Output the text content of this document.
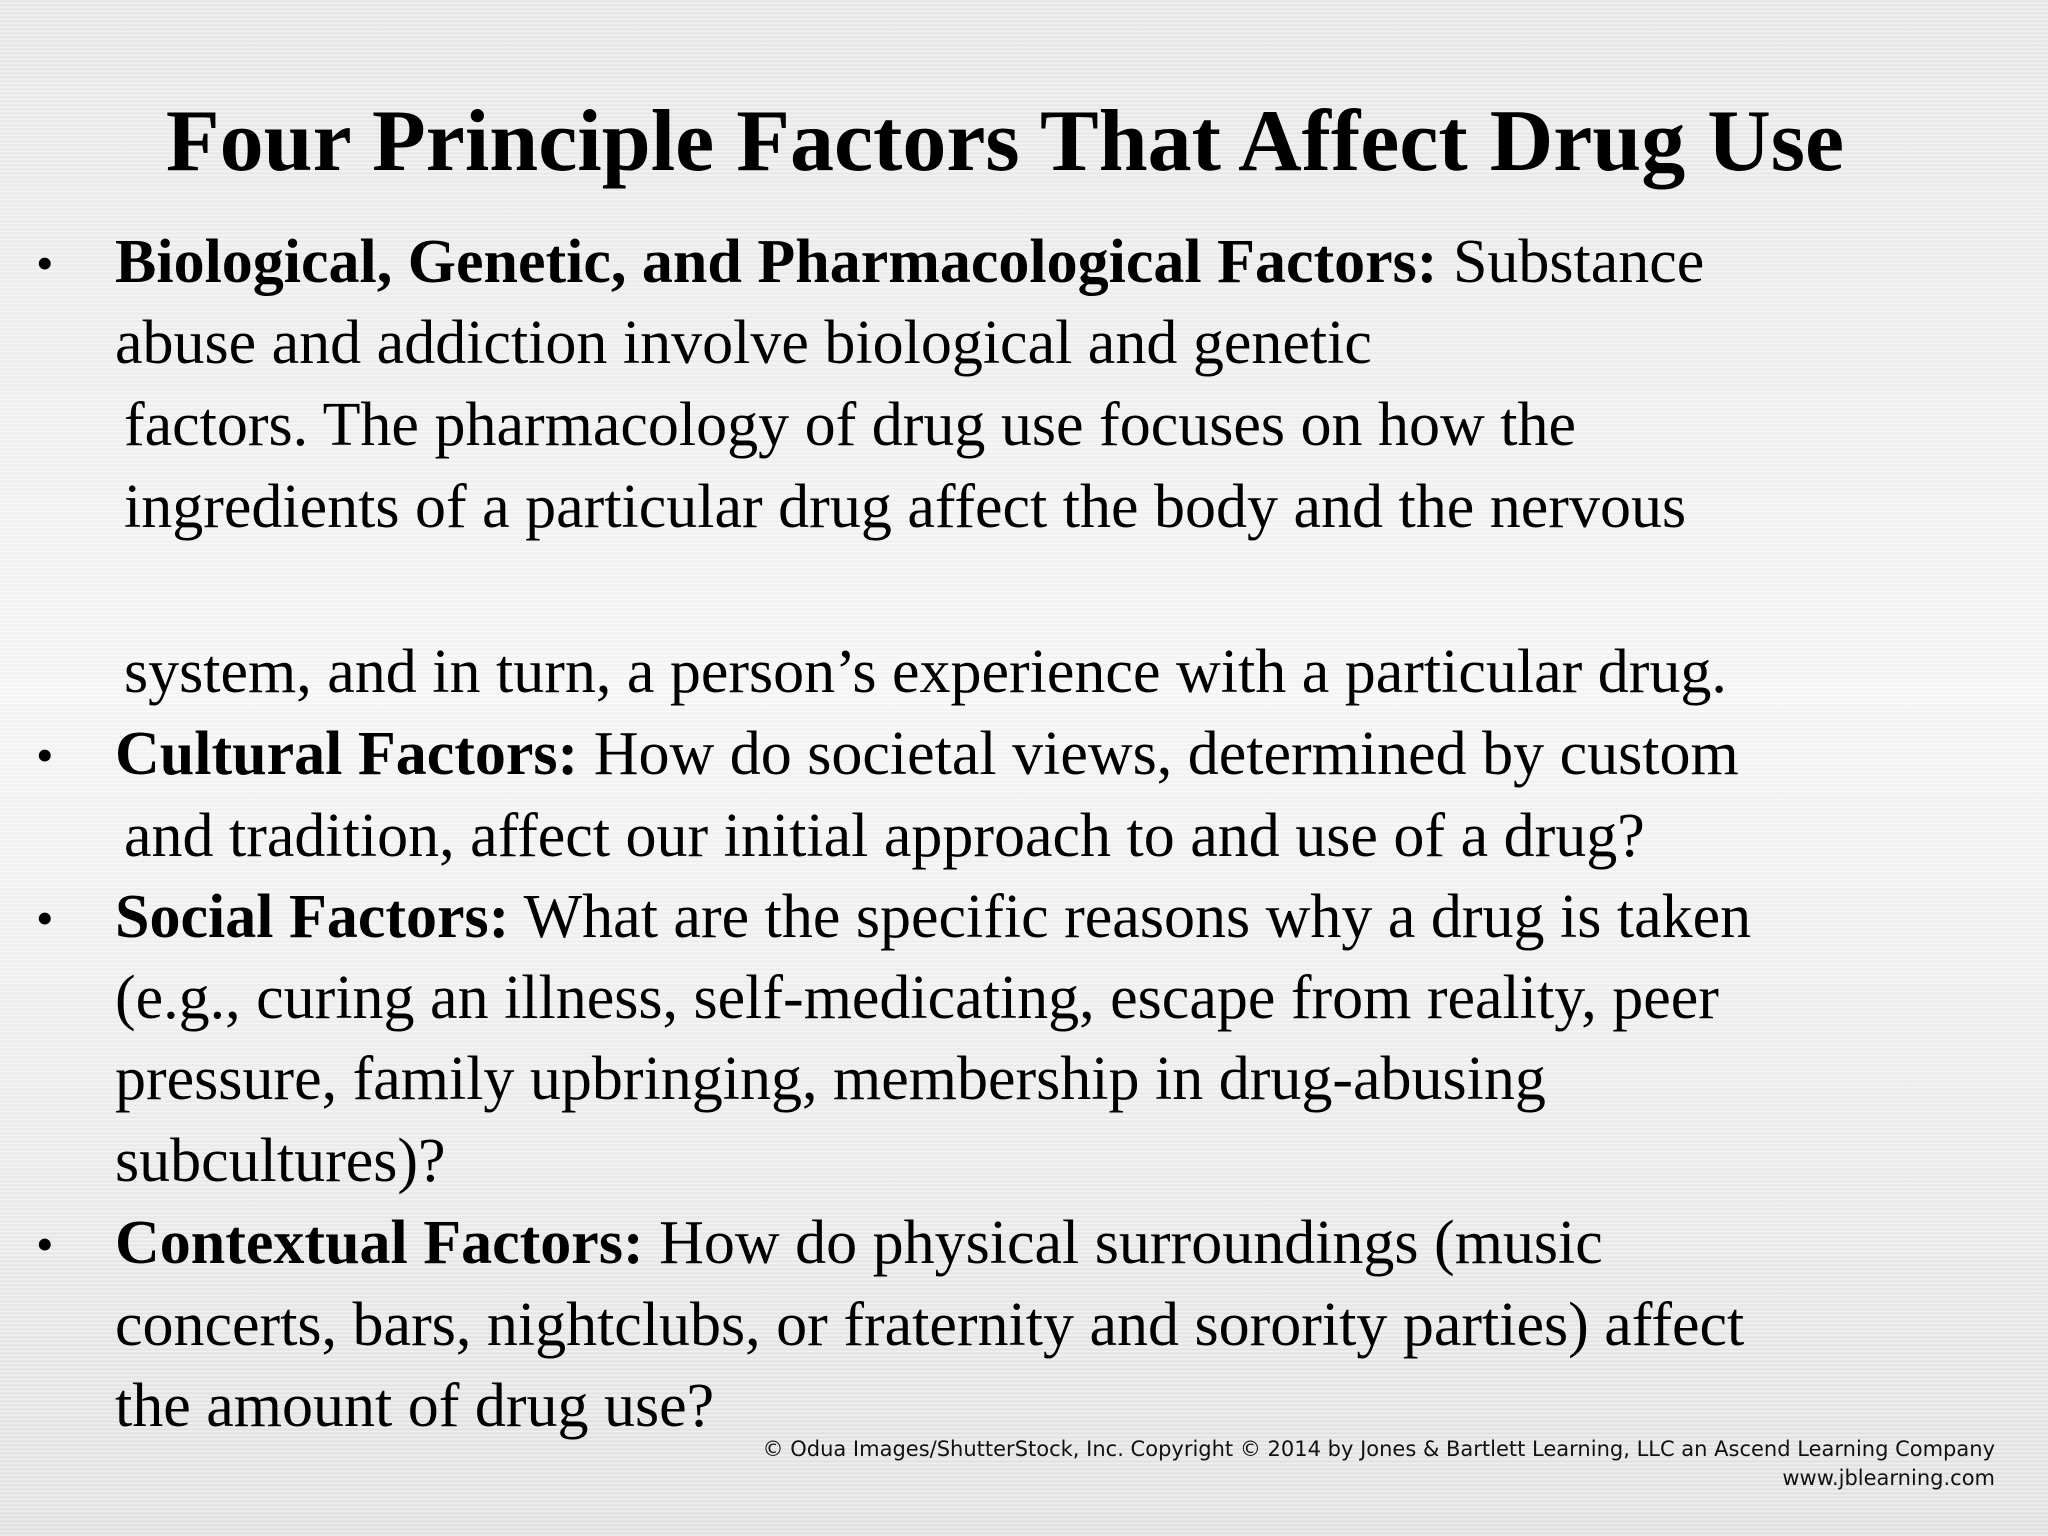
Four Principle Factors That Affect Drug Use
• Biological, Genetic, and Pharmacological Factors: Substance
abuse and addiction involve biological and genetic
factors. The pharmacology of drug use focuses on how the
ingredients of a particular drug affect the body and the nervous
system, and in turn, a person’s experience with a particular drug.
• Cultural Factors: How do societal views, determined by custom
and tradition, affect our initial approach to and use of a drug?
• Social Factors: What are the specific reasons why a drug is taken
(e.g., curing an illness, self-medicating, escape from reality, peer
pressure, family upbringing, membership in drug-abusing
subcultures)?
• Contextual Factors: How do physical surroundings (music
concerts, bars, nightclubs, or fraternity and sorority parties) affect
the amount of drug use?
© Odua Images/ShutterStock, Inc. Copyright © 2014 by Jones & Bartlett Learning, LLC an Ascend Learning Company
www.jblearning.com
